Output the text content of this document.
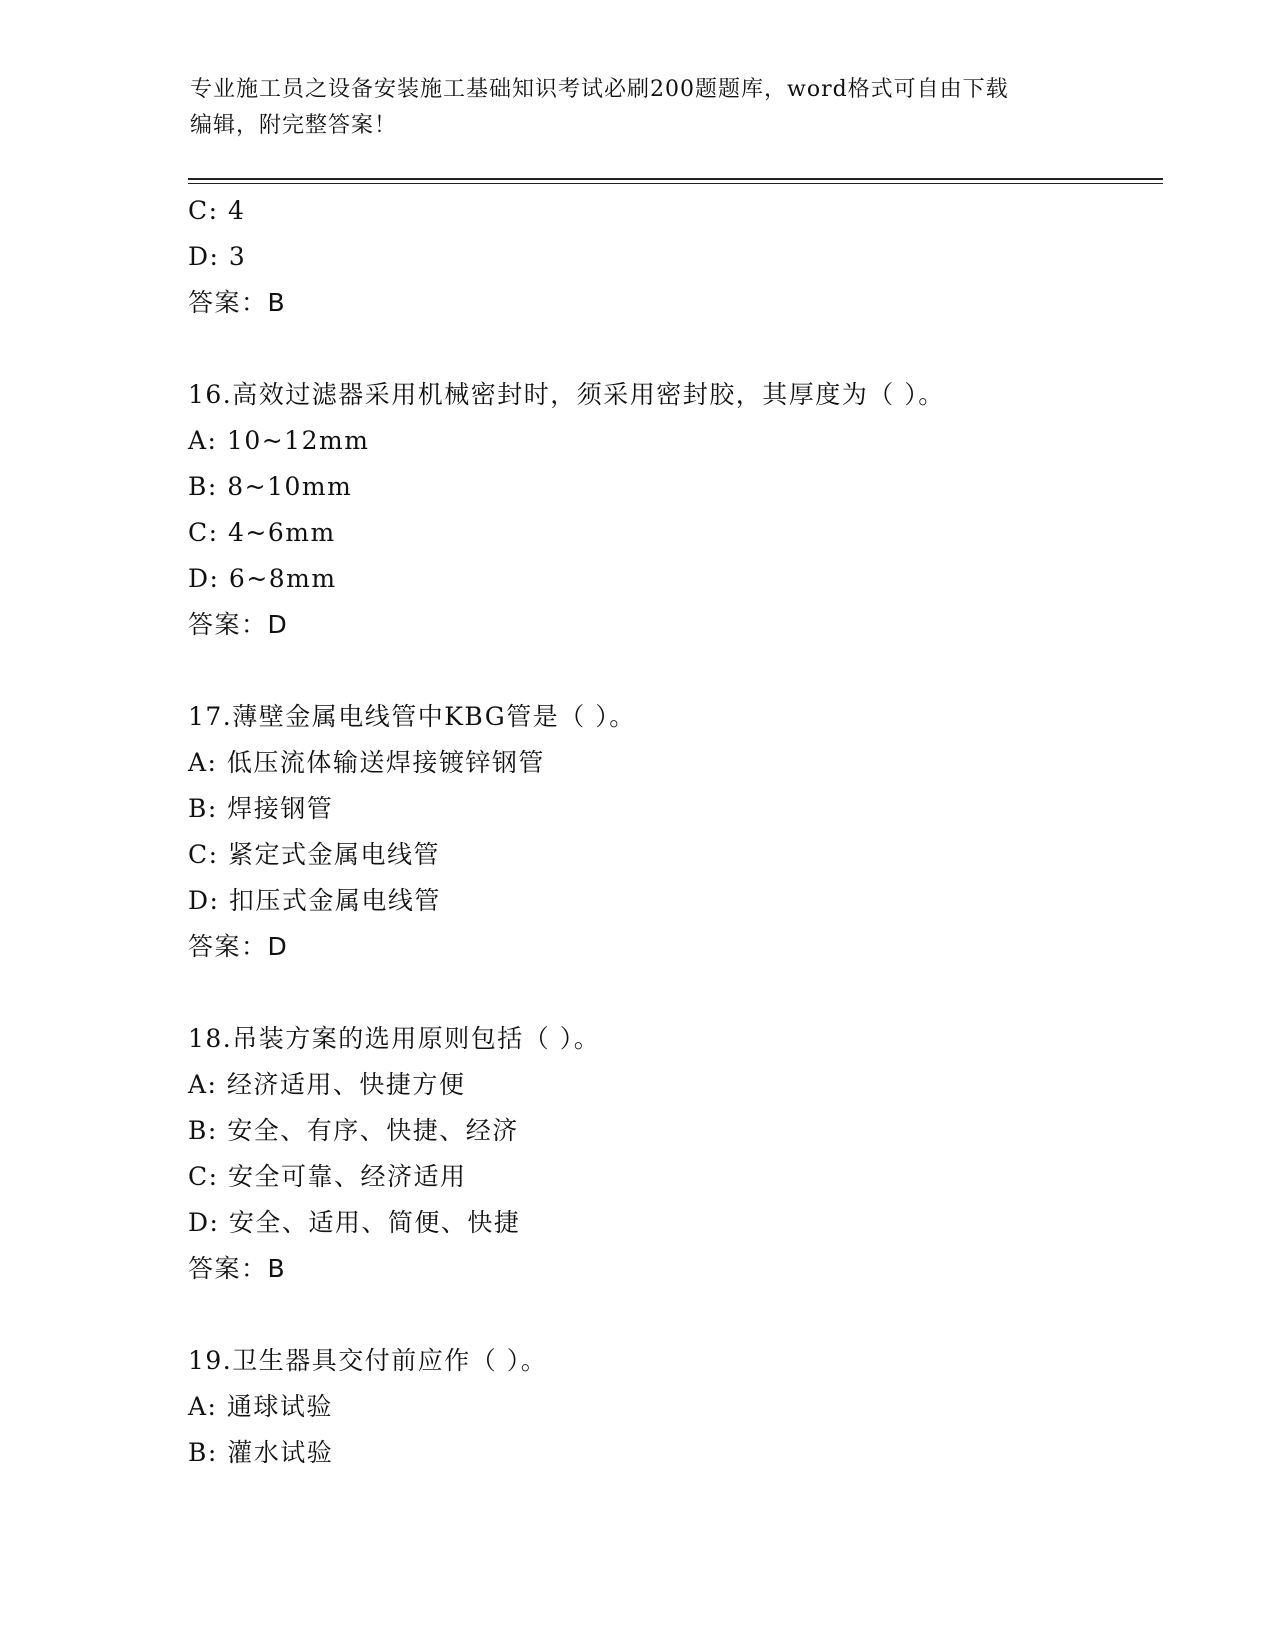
专业施工员之设备安装施工基础知识考试必刷200题题库，word格式可自由下载
编辑，附完整答案！
C: 4
D: 3
答案：B
16.高效过滤器采用机械密封时，须采用密封胶，其厚度为（ ）。
A: 10~12mm
B: 8~10mm
C: 4~6mm
D: 6~8mm
答案：D
17.薄壁金属电线管中KBG管是（ ）。
A: 低压流体输送焊接镀锌钢管
B: 焊接钢管
C: 紧定式金属电线管
D: 扣压式金属电线管
答案：D
18.吊装方案的选用原则包括（ ）。
A: 经济适用、快捷方便
B: 安全、有序、快捷、经济
C: 安全可靠、经济适用
D: 安全、适用、简便、快捷
答案：B
19.卫生器具交付前应作（ ）。
A: 通球试验
B: 灌水试验
